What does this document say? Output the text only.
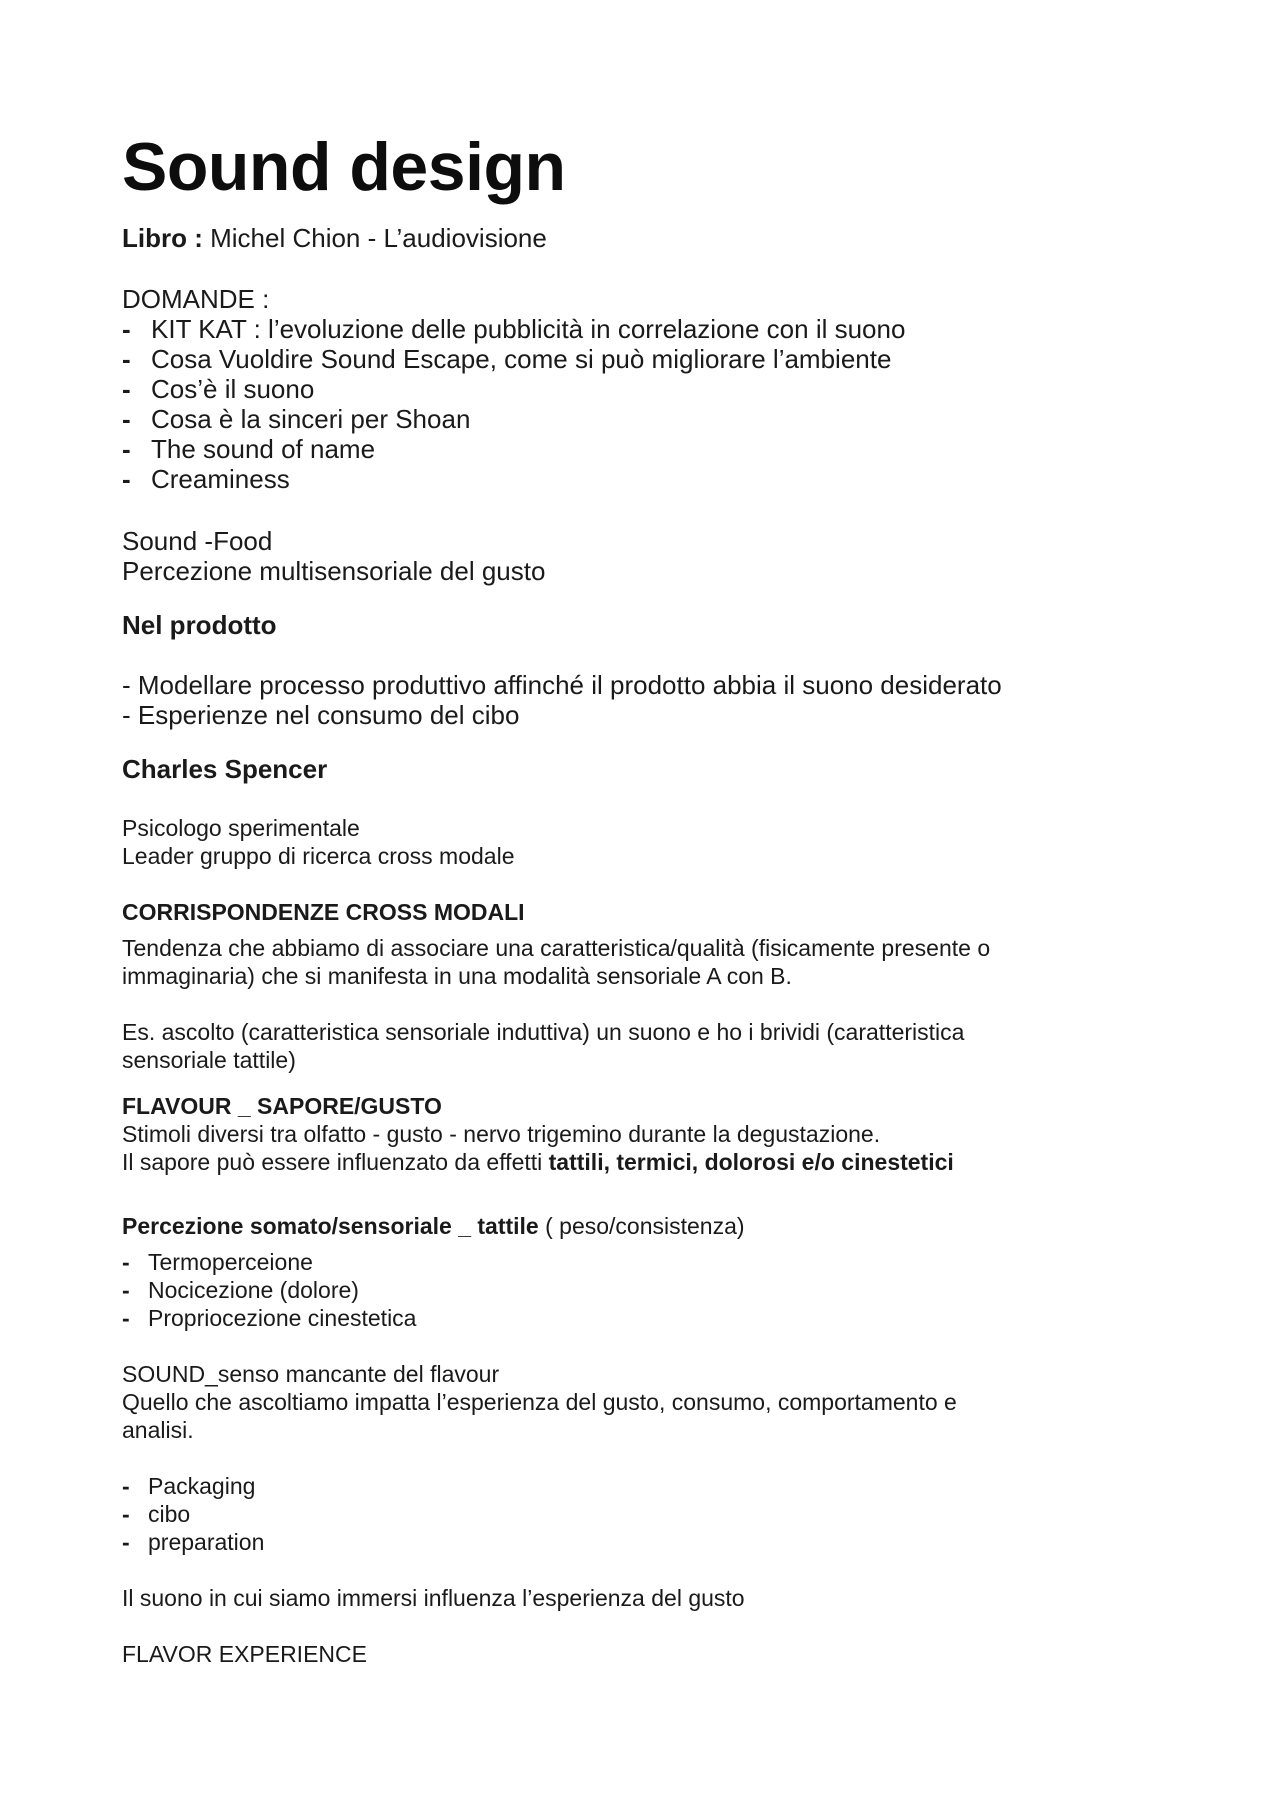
Sound design
Libro : Michel Chion - L’audiovisione
DOMANDE :
- KIT KAT : l’evoluzione delle pubblicità in correlazione con il suono
- Cosa Vuoldire Sound Escape, come si può migliorare l’ambiente
- Cos’è il suono
- Cosa è la sinceri per Shoan
- The sound of name
- Creaminess
Sound -Food
Percezione multisensoriale del gusto
Nel prodotto
- Modellare processo produttivo affinché il prodotto abbia il suono desiderato
- Esperienze nel consumo del cibo
Charles Spencer
Psicologo sperimentale
Leader gruppo di ricerca cross modale
CORRISPONDENZE CROSS MODALI
Tendenza che abbiamo di associare una caratteristica/qualità (fisicamente presente o
immaginaria) che si manifesta in una modalità sensoriale A con B.
Es. ascolto (caratteristica sensoriale induttiva) un suono e ho i brividi (caratteristica
sensoriale tattile)
FLAVOUR _ SAPORE/GUSTO
Stimoli diversi tra olfatto - gusto - nervo trigemino durante la degustazione.
Il sapore può essere influenzato da effetti tattili, termici, dolorosi e/o cinestetici
Percezione somato/sensoriale _ tattile ( peso/consistenza)
- Termoperceione
- Nocicezione (dolore)
- Propriocezione cinestetica
SOUND_senso mancante del flavour
Quello che ascoltiamo impatta l’esperienza del gusto, consumo, comportamento e
analisi.
- Packaging
- cibo
- preparation
Il suono in cui siamo immersi influenza l’esperienza del gusto
FLAVOR EXPERIENCE
